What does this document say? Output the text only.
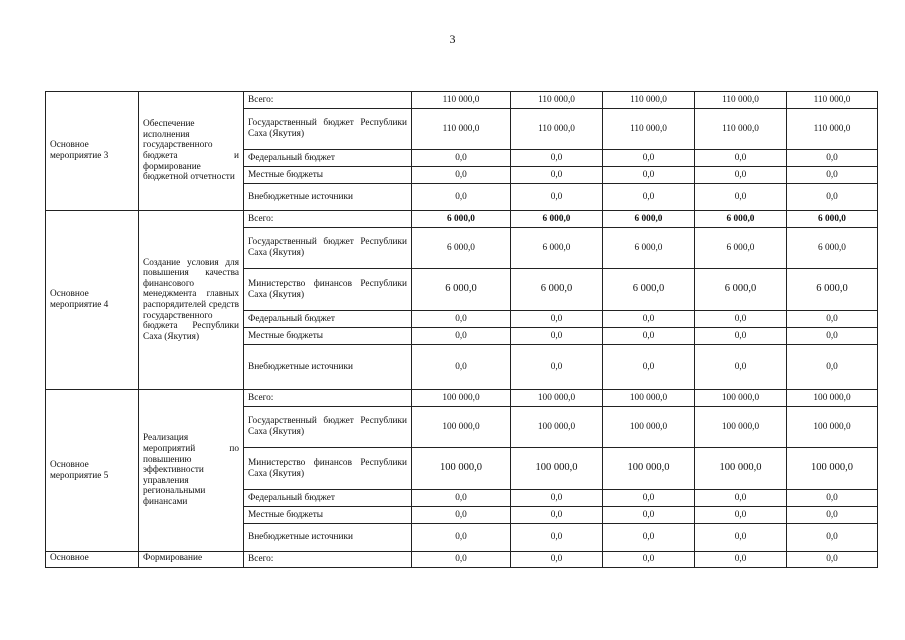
3
Основное мероприятие 3	Обеспечение исполнения государственного бюджета и формирование бюджетной отчетности	Всего:	110 000,0	110 000,0	110 000,0	110 000,0	110 000,0
		Государственный бюджет Республики Саха (Якутия)	110 000,0	110 000,0	110 000,0	110 000,0	110 000,0
		Федеральный бюджет	0,0	0,0	0,0	0,0	0,0
		Местные бюджеты	0,0	0,0	0,0	0,0	0,0
		Внебюджетные источники	0,0	0,0	0,0	0,0	0,0
Основное мероприятие 4	Создание условия для повышения качества финансового менеджмента главных распорядителей средств государственного бюджета Республики Саха (Якутия)	Всего:	6 000,0	6 000,0	6 000,0	6 000,0	6 000,0
		Государственный бюджет Республики Саха (Якутия)	6 000,0	6 000,0	6 000,0	6 000,0	6 000,0
		Министерство финансов Республики Саха (Якутия)	6 000,0	6 000,0	6 000,0	6 000,0	6 000,0
		Федеральный бюджет	0,0	0,0	0,0	0,0	0,0
		Местные бюджеты	0,0	0,0	0,0	0,0	0,0
		Внебюджетные источники	0,0	0,0	0,0	0,0	0,0
Основное мероприятие 5	Реализация мероприятий по повышению эффективности управления региональными финансами	Всего:	100 000,0	100 000,0	100 000,0	100 000,0	100 000,0
		Государственный бюджет Республики Саха (Якутия)	100 000,0	100 000,0	100 000,0	100 000,0	100 000,0
		Министерство финансов Республики Саха (Якутия)	100 000,0	100 000,0	100 000,0	100 000,0	100 000,0
		Федеральный бюджет	0,0	0,0	0,0	0,0	0,0
		Местные бюджеты	0,0	0,0	0,0	0,0	0,0
		Внебюджетные источники	0,0	0,0	0,0	0,0	0,0
Основное	Формирование	Всего:	0,0	0,0	0,0	0,0	0,0
